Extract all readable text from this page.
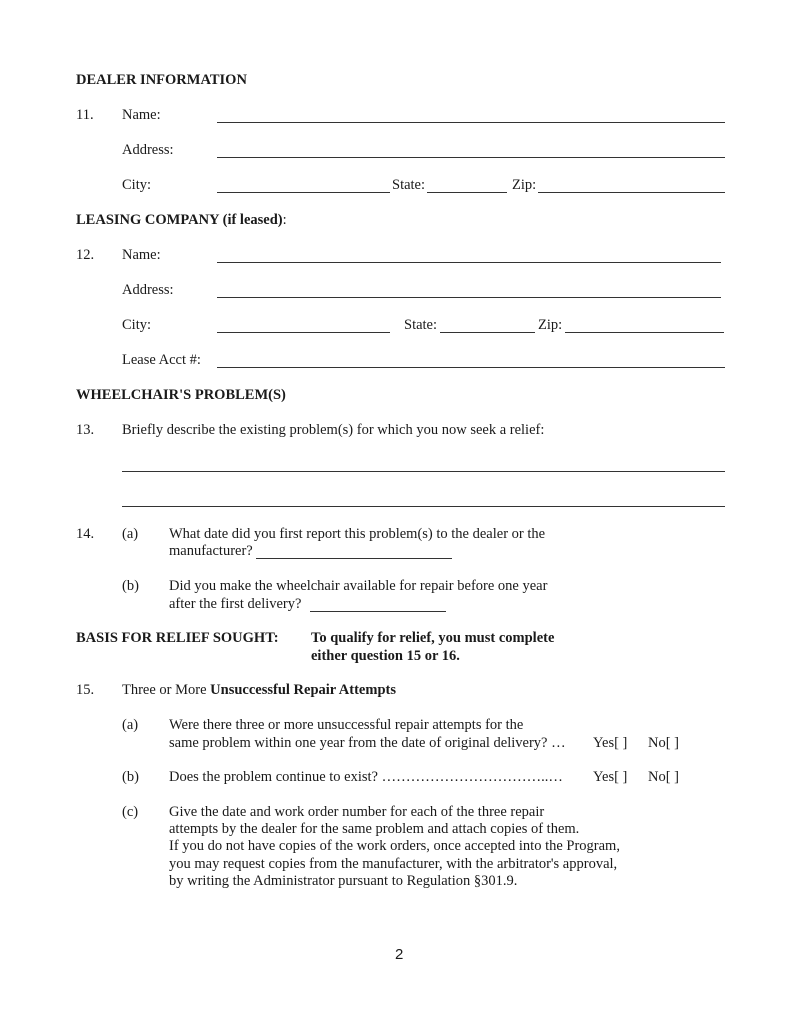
DEALER INFORMATION
11. Name:
Address:
City:	State:	Zip:
LEASING COMPANY (if leased):
12. Name:
Address:
City:	State:	Zip:
Lease Acct #:
WHEELCHAIR'S PROBLEM(S)
13. Briefly describe the existing problem(s) for which you now seek a relief:
14. (a) What date did you first report this problem(s) to the dealer or the
manufacturer?
(b) Did you make the wheelchair available for repair before one year
after the first delivery?
BASIS FOR RELIEF SOUGHT: To qualify for relief, you must complete
either question 15 or 16.
15. Three or More Unsuccessful Repair Attempts
(a) Were there three or more unsuccessful repair attempts for the
same problem within one year from the date of original delivery? … Yes[ ] No[ ]
(b) Does the problem continue to exist? ……………………………..… Yes[ ] No[ ]
(c) Give the date and work order number for each of the three repair
attempts by the dealer for the same problem and attach copies of them.
If you do not have copies of the work orders, once accepted into the Program,
you may request copies from the manufacturer, with the arbitrator's approval,
by writing the Administrator pursuant to Regulation §301.9.
2
